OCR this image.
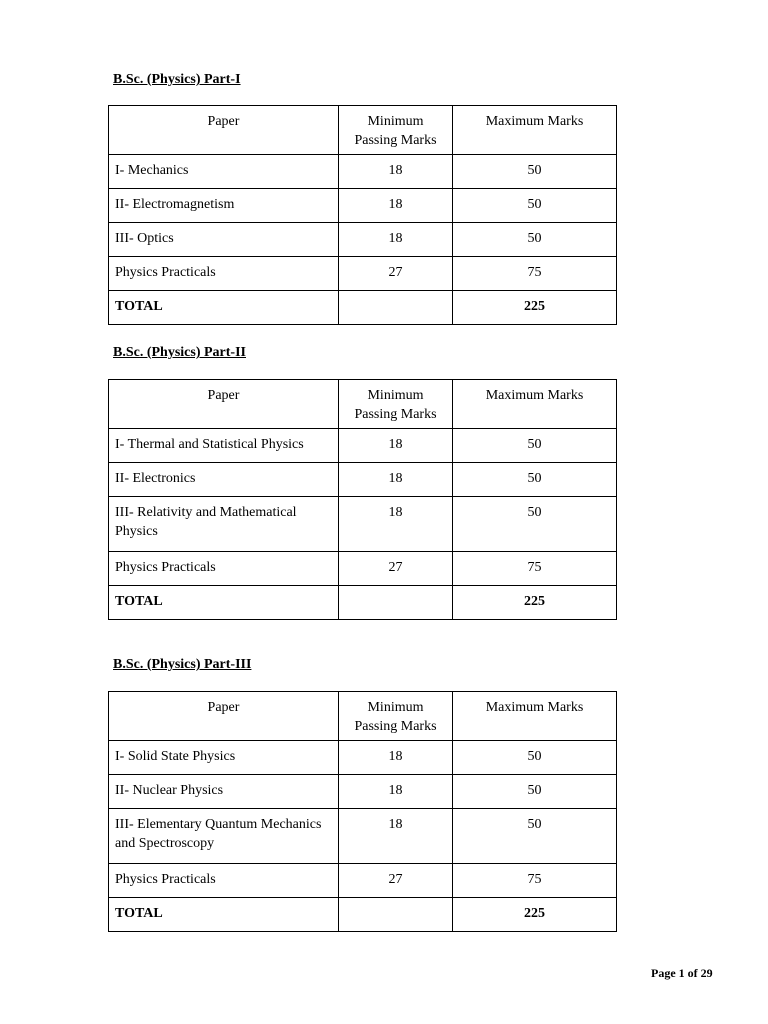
B.Sc. (Physics) Part-I
Paper	Minimum Passing Marks	Maximum Marks
I- Mechanics	18	50
II- Electromagnetism	18	50
III- Optics	18	50
Physics Practicals	27	75
TOTAL		225
B.Sc. (Physics) Part-II
Paper	Minimum Passing Marks	Maximum Marks
I- Thermal and Statistical Physics	18	50
II- Electronics	18	50
III- Relativity and Mathematical Physics	18	50
Physics Practicals	27	75
TOTAL		225
B.Sc. (Physics) Part-III
Paper	Minimum Passing Marks	Maximum Marks
I- Solid State Physics	18	50
II- Nuclear Physics	18	50
III- Elementary Quantum Mechanics and Spectroscopy	18	50
Physics Practicals	27	75
TOTAL		225

Page 1 of 29
